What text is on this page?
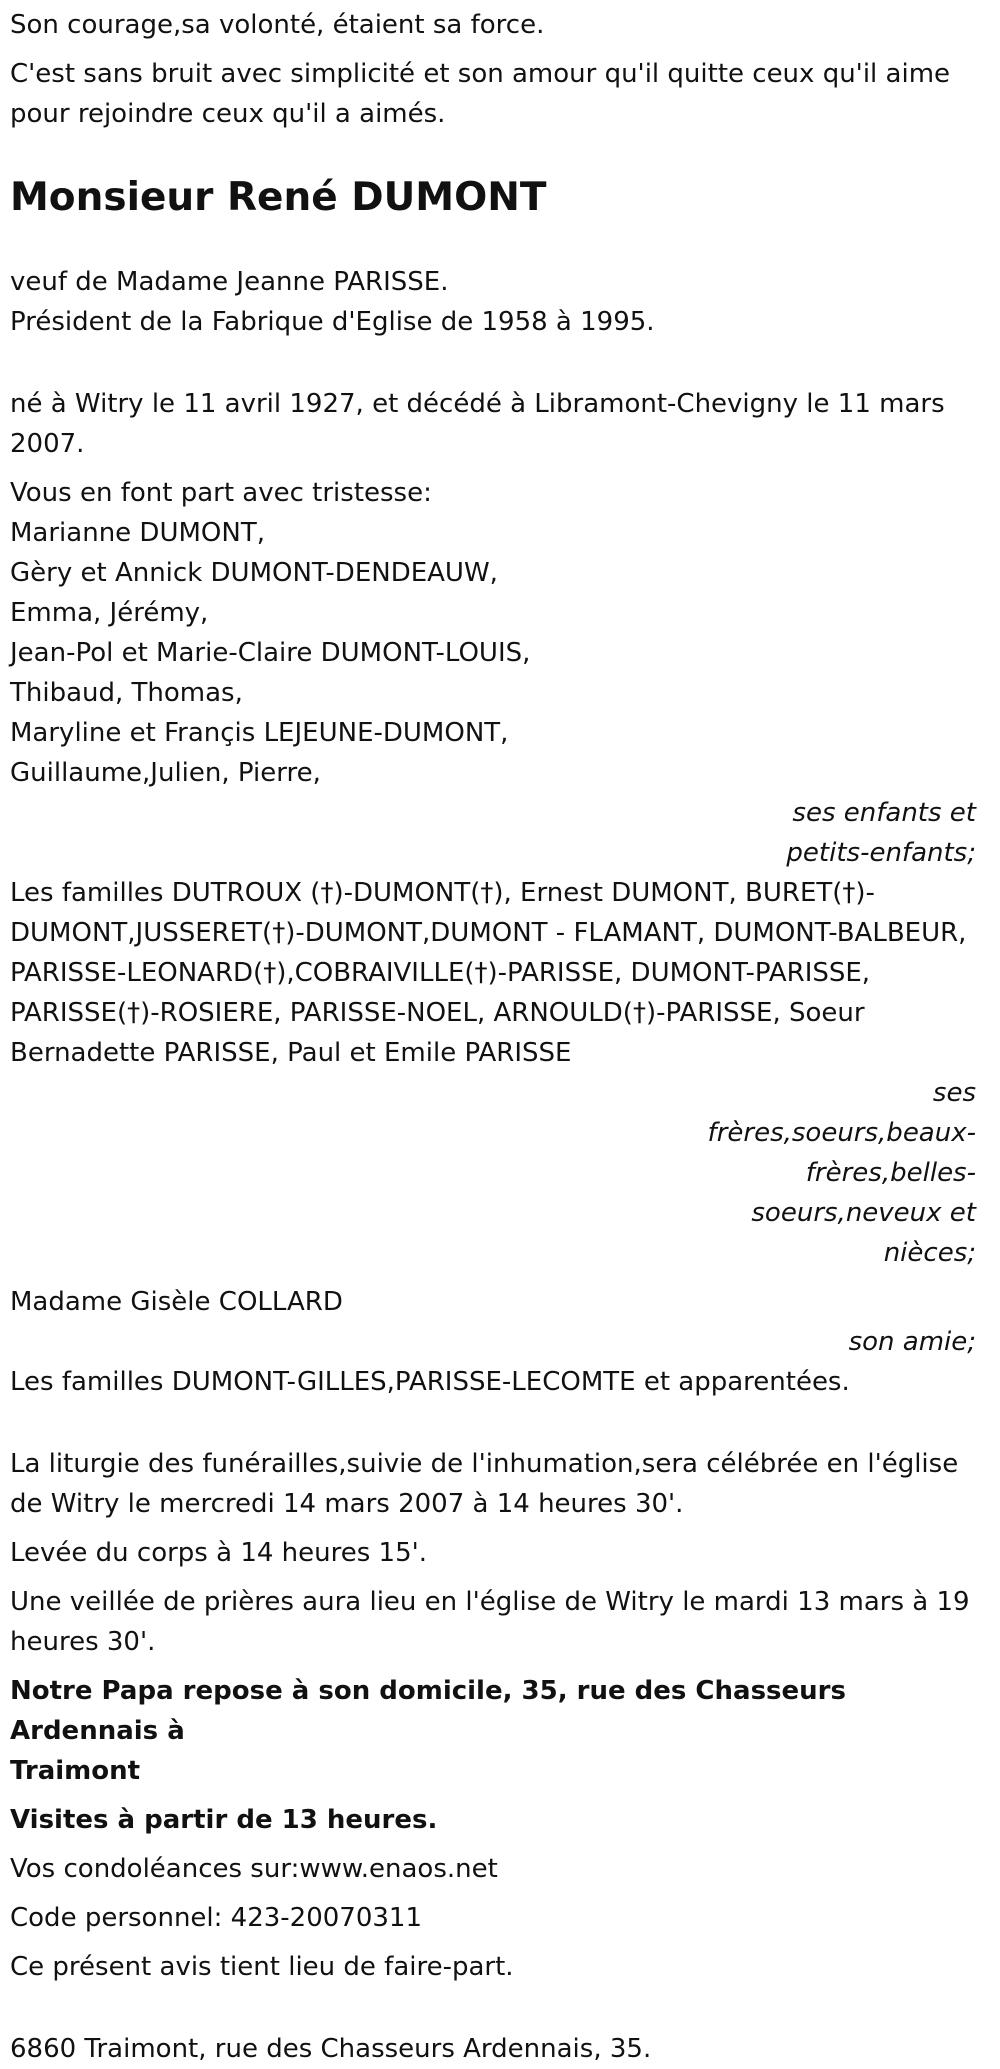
Son courage,sa volonté, étaient sa force.

C'est sans bruit avec simplicité et son amour qu'il quitte ceux qu'il aime
pour rejoindre ceux qu'il a aimés.

Monsieur René DUMONT

veuf de Madame Jeanne PARISSE.

Président de la Fabrique d'Eglise de 1958 à 1995.

né à Witry le 11 avril 1927, et décédé à Libramont-Chevigny le 11 mars
2007.

Vous en font part avec tristesse:

Marianne DUMONT,

Gèry et Annick DUMONT-DENDEAUW,

Emma, Jérémy,

Jean-Pol et Marie-Claire DUMONT-LOUIS,

Thibaud, Thomas,

Maryline et Françis LEJEUNE-DUMONT,

Guillaume,Julien, Pierre,

ses enfants et
petits-enfants;

Les familles DUTROUX (†)-DUMONT(†), Ernest DUMONT, BURET(†)-
DUMONT,JUSSERET(†)-DUMONT,DUMONT - FLAMANT, DUMONT-BALBEUR,
PARISSE-LEONARD(†),COBRAIVILLE(†)-PARISSE, DUMONT-PARISSE,
PARISSE(†)-ROSIERE, PARISSE-NOEL, ARNOULD(†)-PARISSE, Soeur
Bernadette PARISSE, Paul et Emile PARISSE

ses
frères,soeurs,beaux-
frères,belles-
soeurs,neveux et
nièces;

Madame Gisèle COLLARD

son amie;

Les familles DUMONT-GILLES,PARISSE-LECOMTE et apparentées.

La liturgie des funérailles,suivie de l'inhumation,sera célébrée en l'église
de Witry le mercredi 14 mars 2007 à 14 heures 30'.

Levée du corps à 14 heures 15'.

Une veillée de prières aura lieu en l'église de Witry le mardi 13 mars à 19
heures 30'.

Notre Papa repose à son domicile, 35, rue des Chasseurs Ardennais à
Traimont

Visites à partir de 13 heures.

Vos condoléances sur:www.enaos.net

Code personnel: 423-20070311

Ce présent avis tient lieu de faire-part.

6860 Traimont, rue des Chasseurs Ardennais, 35.
